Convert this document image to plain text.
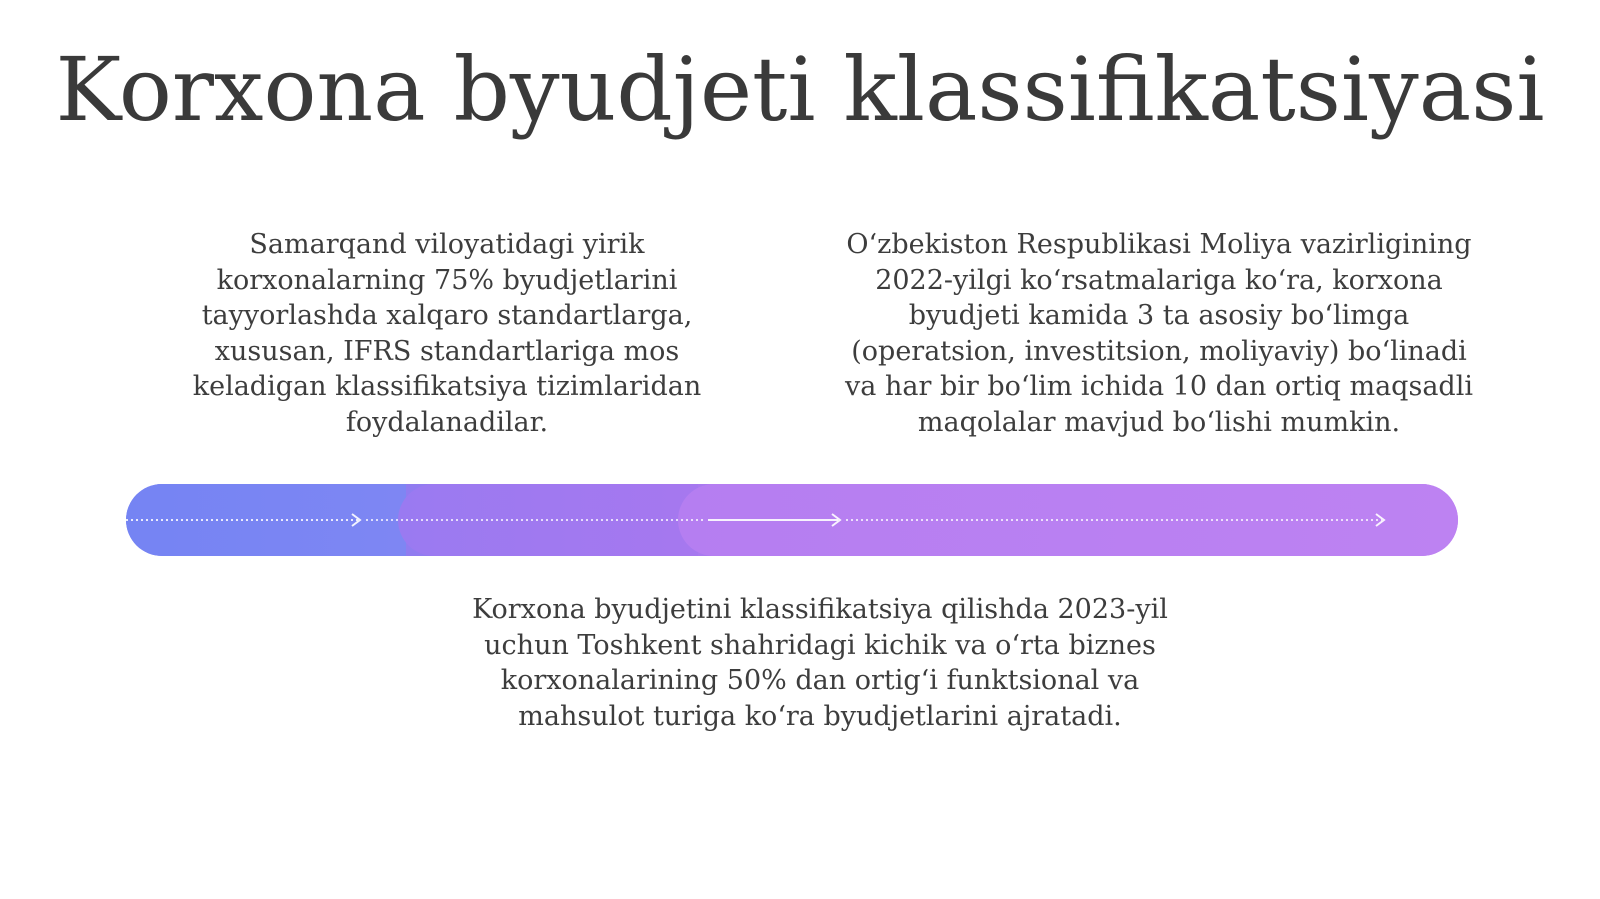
Korxona byudjeti klassifikatsiyasi

Samarqand viloyatidagi yirik korxonalarning 75% byudjetlarini tayyorlashda xalqaro standartlarga, xususan, IFRS standartlariga mos keladigan klassifikatsiya tizimlaridan foydalanadilar.

O‘zbekiston Respublikasi Moliya vazirligining 2022-yilgi ko‘rsatmalariga ko‘ra, korxona byudjeti kamida 3 ta asosiy bo‘limga (operatsion, investitsion, moliyaviy) bo‘linadi va har bir bo‘lim ichida 10 dan ortiq maqsadli maqolalar mavjud bo‘lishi mumkin.

Korxona byudjetini klassifikatsiya qilishda 2023-yil uchun Toshkent shahridagi kichik va o‘rta biznes korxonalarining 50% dan ortig‘i funktsional va mahsulot turiga ko‘ra byudjetlarini ajratadi.
